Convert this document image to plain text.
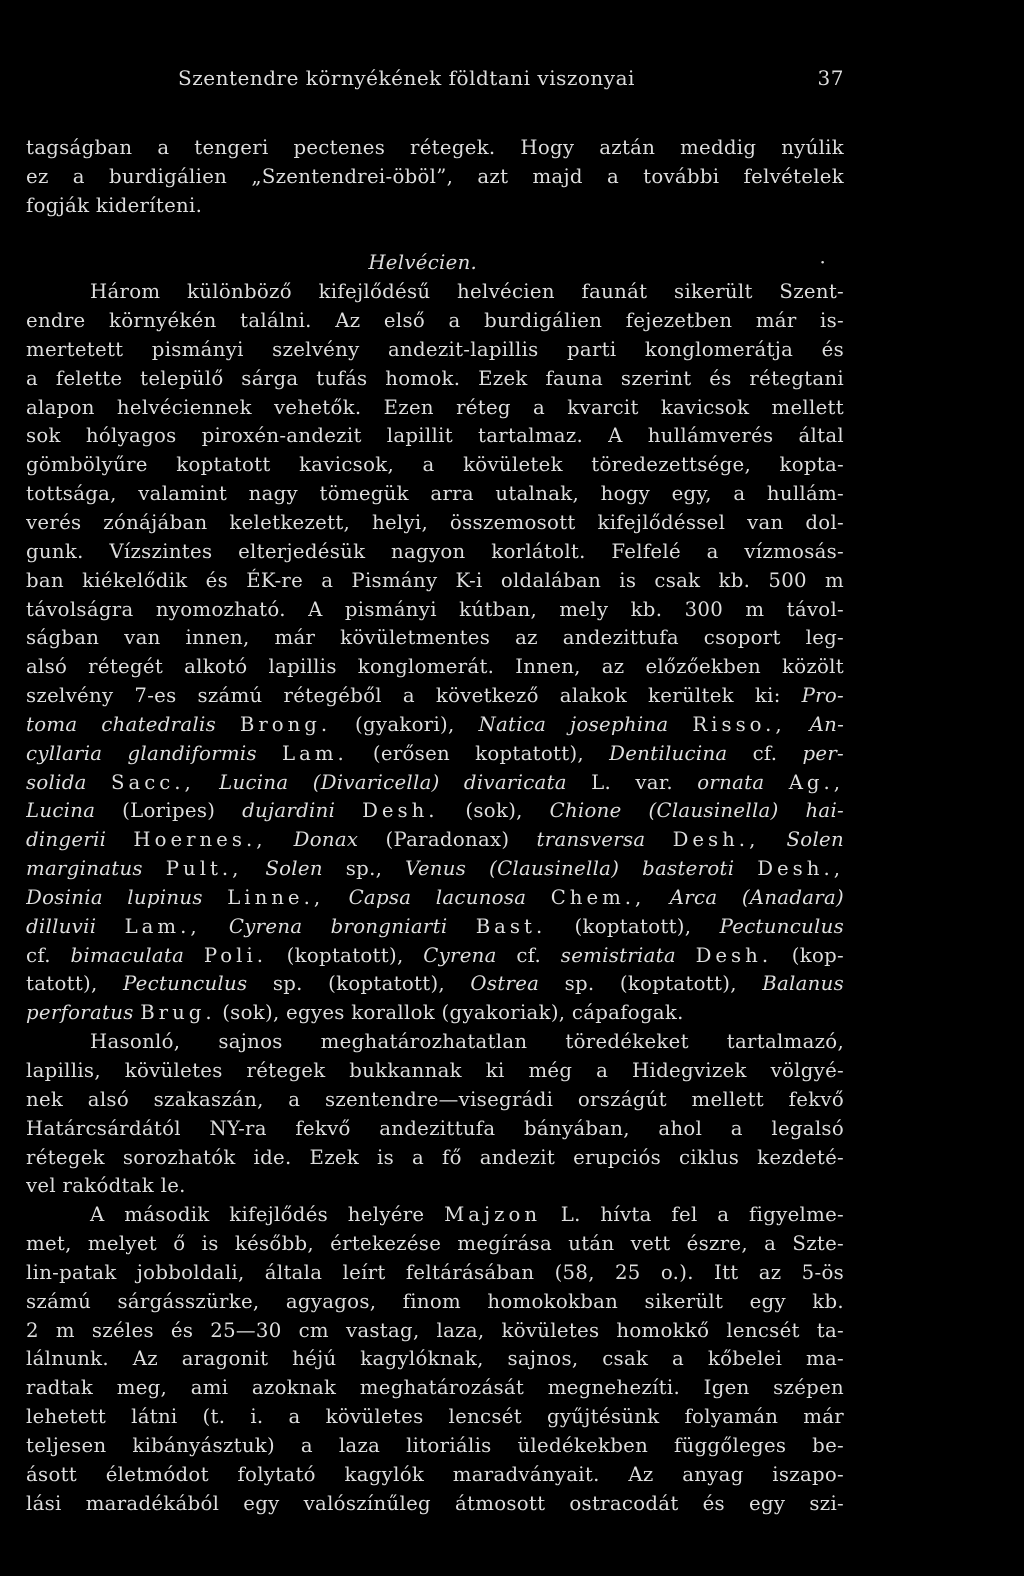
Szentendre környékének földtani viszonyai	37
tagságban a tengeri pectenes rétegek. Hogy aztán meddig nyúlik
ez a burdigálien „Szentendrei-öböl”, azt majd a további felvételek
fogják kideríteni.
·
Helvécien.
Három különböző kifejlődésű helvécien faunát sikerült Szent-
endre környékén találni. Az első a burdigálien fejezetben már is-
mertetett pismányi szelvény andezit-lapillis parti konglomerátja és
a felette települő sárga tufás homok. Ezek fauna szerint és rétegtani
alapon helvéciennek vehetők. Ezen réteg a kvarcit kavicsok mellett
sok hólyagos piroxén-andezit lapillit tartalmaz. A hullámverés által
gömbölyűre koptatott kavicsok, a kövületek töredezettsége, kopta-
tottsága, valamint nagy tömegük arra utalnak, hogy egy, a hullám-
verés zónájában keletkezett, helyi, összemosott kifejlődéssel van dol-
gunk. Vízszintes elterjedésük nagyon korlátolt. Felfelé a vízmosás-
ban kiékelődik és ÉK-re a Pismány K-i oldalában is csak kb. 500 m
távolságra nyomozható. A pismányi kútban, mely kb. 300 m távol-
ságban van innen, már kövületmentes az andezittufa csoport leg-
alsó rétegét alkotó lapillis konglomerát. Innen, az előzőekben közölt
szelvény 7-es számú rétegéből a következő alakok kerültek ki: Pro-
toma chatedralis Brong. (gyakori), Natica josephina Risso., An-
cyllaria glandiformis Lam. (erősen koptatott), Dentilucina cf. per-
solida Sacc., Lucina (Divaricella) divaricata L. var. ornata Ag.,
Lucina (Loripes) dujardini Desh. (sok), Chione (Clausinella) hai-
dingerii Hoernes., Donax (Paradonax) transversa Desh., Solen
marginatus Pult., Solen sp., Venus (Clausinella) basteroti Desh.,
Dosinia lupinus Linne., Capsa lacunosa Chem., Arca (Anadara)
dilluvii Lam., Cyrena brongniarti Bast. (koptatott), Pectunculus
cf. bimaculata Poli. (koptatott), Cyrena cf. semistriata Desh. (kop-
tatott), Pectunculus sp. (koptatott), Ostrea sp. (koptatott), Balanus
perforatus Brug. (sok), egyes korallok (gyakoriak), cápafogak.
Hasonló, sajnos meghatározhatatlan töredékeket tartalmazó,
lapillis, kövületes rétegek bukkannak ki még a Hidegvizek völgyé-
nek alsó szakaszán, a szentendre—visegrádi országút mellett fekvő
Határcsárdától NY-ra fekvő andezittufa bányában, ahol a legalsó
rétegek sorozhatók ide. Ezek is a fő andezit erupciós ciklus kezdeté-
vel rakódtak le.
A második kifejlődés helyére Majzon L. hívta fel a figyelme-
met, melyet ő is később, értekezése megírása után vett észre, a Szte-
lin-patak jobboldali, általa leírt feltárásában (58, 25 o.). Itt az 5-ös
számú sárgásszürke, agyagos, finom homokokban sikerült egy kb.
2 m széles és 25—30 cm vastag, laza, kövületes homokkő lencsét ta-
lálnunk. Az aragonit héjú kagylóknak, sajnos, csak a kőbelei ma-
radtak meg, ami azoknak meghatározását megnehezíti. Igen szépen
lehetett látni (t. i. a kövületes lencsét gyűjtésünk folyamán már
teljesen kibányásztuk) a laza litoriális üledékekben függőleges be-
ásott életmódot folytató kagylók maradványait. Az anyag iszapo-
lási maradékából egy valószínűleg átmosott ostracodát és egy szi-
